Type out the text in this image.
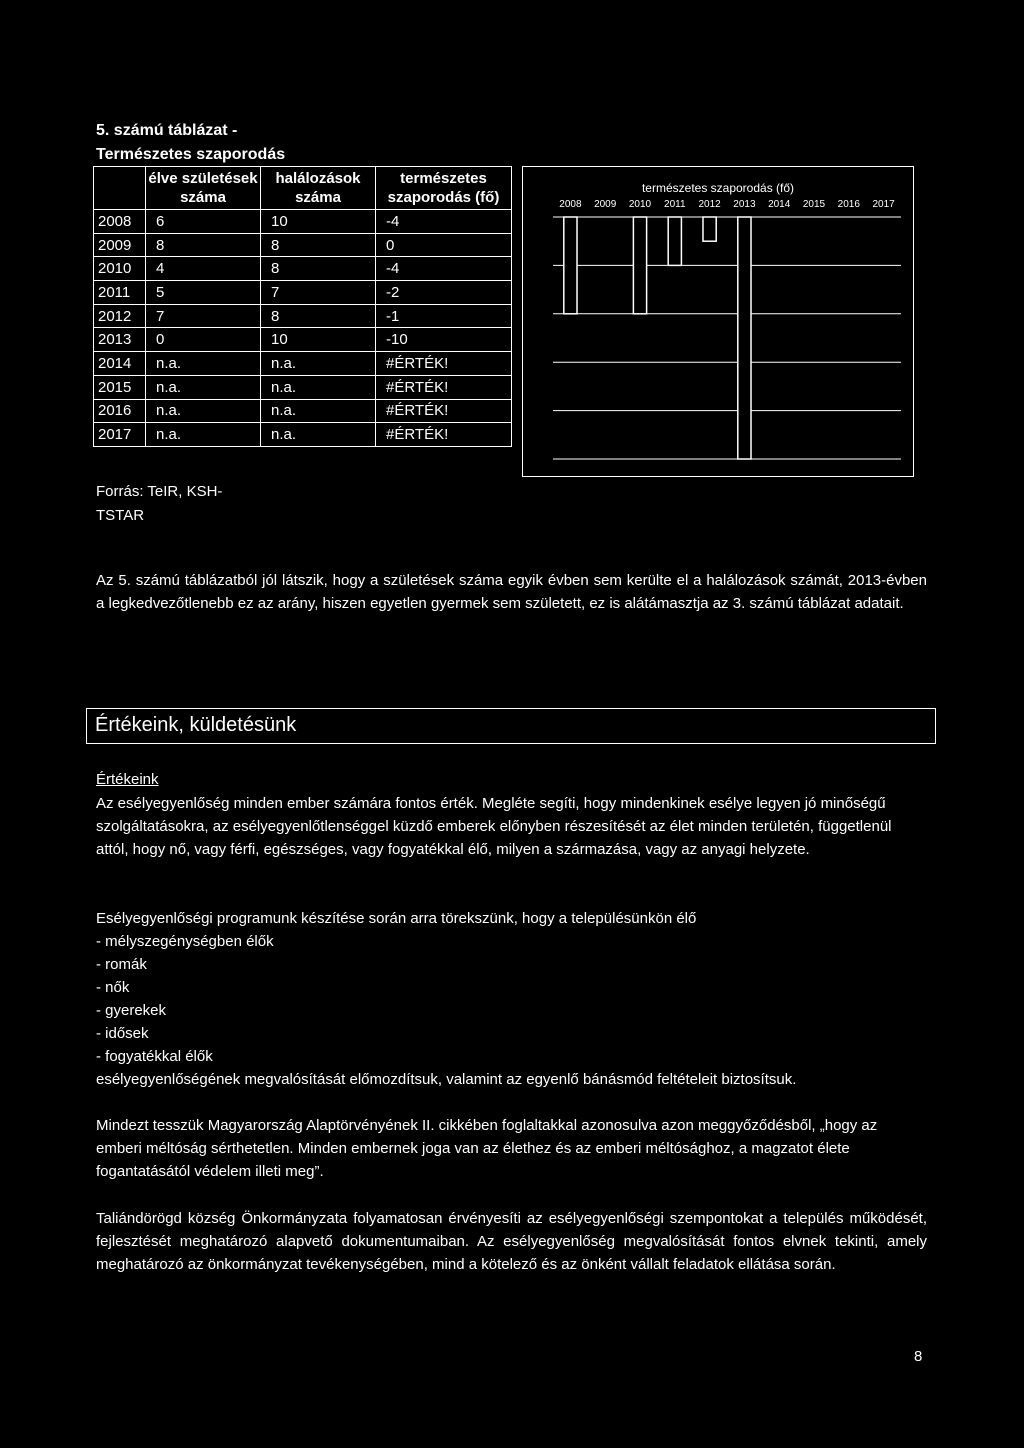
5. számú táblázat - Természetes szaporodás
	élve születések száma	halálozások száma	természetes szaporodás (fő)
2008	6	10	-4
2009	8	8	0
2010	4	8	-4
2011	5	7	-2
2012	7	8	-1
2013	0	10	-10
2014	n.a.	n.a.	#ÉRTÉK!
2015	n.a.	n.a.	#ÉRTÉK!
2016	n.a.	n.a.	#ÉRTÉK!
2017	n.a.	n.a.	#ÉRTÉK!
Forrás: TeIR, KSH-TSTAR
természetes szaporodás (fő)
2008 2009 2010 2011 2012 2013 2014 2015 2016 2017
Az 5. számú táblázatból jól látszik, hogy a születések száma egyik évben sem kerülte el a halálozások számát, 2013-évben a legkedvezőtlenebb ez az arány, hiszen egyetlen gyermek sem született, ez is alátámasztja az 3. számú táblázat adatait.
Értékeink, küldetésünk
Értékeink
Az esélyegyenlőség minden ember számára fontos érték. Megléte segíti, hogy mindenkinek esélye legyen jó minőségű szolgáltatásokra, az esélyegyenlőtlenséggel küzdő emberek előnyben részesítését az élet minden területén, függetlenül attól, hogy nő, vagy férfi, egészséges, vagy fogyatékkal élő, milyen a származása, vagy az anyagi helyzete.
Esélyegyenlőségi programunk készítése során arra törekszünk, hogy a településünkön élő
- mélyszegénységben élők
- romák
- nők
- gyerekek
- idősek
- fogyatékkal élők
esélyegyenlőségének megvalósítását előmozdítsuk, valamint az egyenlő bánásmód feltételeit biztosítsuk.
Mindezt tesszük Magyarország Alaptörvényének II. cikkében foglaltakkal azonosulva azon meggyőződésből, „hogy az emberi méltóság sérthetetlen. Minden embernek joga van az élethez és az emberi méltósághoz, a magzatot élete fogantatásától védelem illeti meg”.
Taliándörögd község Önkormányzata folyamatosan érvényesíti az esélyegyenlőségi szempontokat a település működését, fejlesztését meghatározó alapvető dokumentumaiban. Az esélyegyenlőség megvalósítását fontos elvnek tekinti, amely meghatározó az önkormányzat tevékenységében, mind a kötelező és az önként vállalt feladatok ellátása során.
8
